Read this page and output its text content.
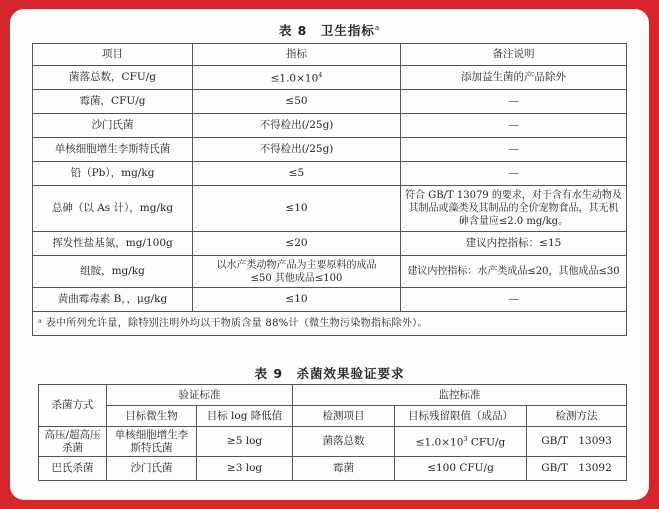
表 8　卫生指标$^a$
项目	指标	备注说明
菌落总数，CFU/g	$\le 1.0\times 10^4$	添加益生菌的产品除外
霉菌，CFU/g	≤50	—
沙门氏菌	不得检出(/25g)	—
单核细胞增生李斯特氏菌	不得检出(/25g)	—
铅（Pb），mg/kg	≤5	—
总砷（以 As 计），mg/kg	≤10	符合 GB/T 13079 的要求，对于含有水生动物及其制品或藻类及其制品的全价宠物食品，其无机砷含量应≤2.0 mg/kg。
挥发性盐基氮，mg/100g	≤20	建议内控指标：≤15
组胺，mg/kg	以水产类动物产品为主要原料的成品≤50 其他成品≤100	建议内控指标：水产类成品≤20，其他成品≤30
黄曲霉毒素 B，，μg/kg	≤10	—
ᵃ 表中所列允许量，除特别注明外均以干物质含量 88%计（微生物污染物指标除外）。		
表 9　杀菌效果验证要求
杀菌方式	验证标准		监控标准		
	目标微生物	目标 log 降低值	检测项目	目标残留限值（成品）	检测方法
高压/超高压杀菌	单核细胞增生李斯特氏菌	≥5 log	菌落总数	$\le 1.0\times 10^3$ CFU/g	GB/T　13093
巴氏杀菌	沙门氏菌	≥3 log	霉菌	≤100 CFU/g	GB/T　13092
